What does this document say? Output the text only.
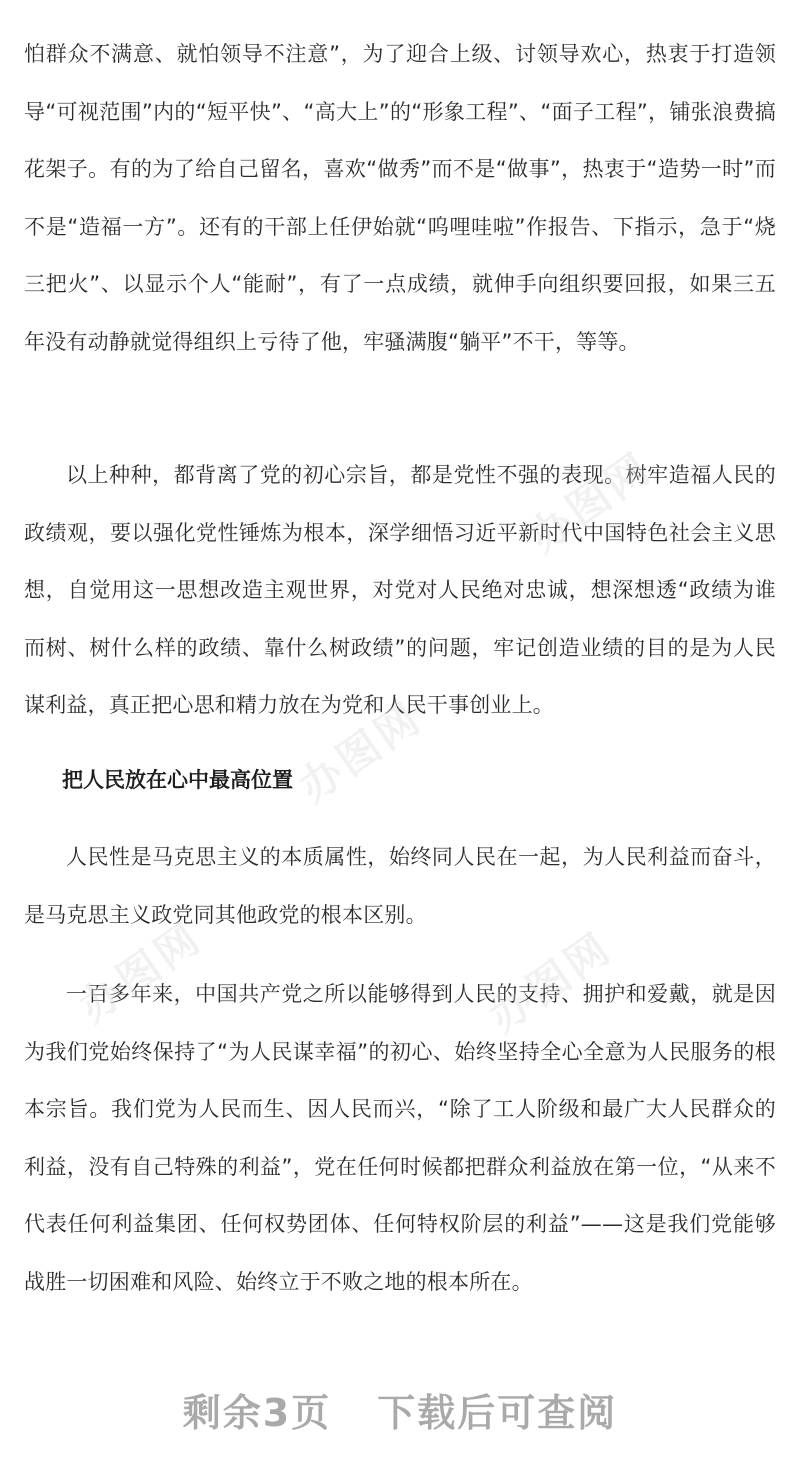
怕群众不满意、就怕领导不注意”，为了迎合上级、讨领导欢心，热衷于打造领导“可视范围”内的“短平快”、“高大上”的“形象工程”、“面子工程”，铺张浪费搞花架子。有的为了给自己留名，喜欢“做秀”而不是“做事”，热衷于“造势一时”而不是“造福一方”。还有的干部上任伊始就“呜哩哇啦”作报告、下指示，急于“烧三把火”、以显示个人“能耐”，有了一点成绩，就伸手向组织要回报，如果三五年没有动静就觉得组织上亏待了他，牢骚满腹“躺平”不干，等等。

以上种种，都背离了党的初心宗旨，都是党性不强的表现。树牢造福人民的政绩观，要以强化党性锤炼为根本，深学细悟习近平新时代中国特色社会主义思想，自觉用这一思想改造主观世界，对党对人民绝对忠诚，想深想透“政绩为谁而树、树什么样的政绩、靠什么树政绩”的问题，牢记创造业绩的目的是为人民谋利益，真正把心思和精力放在为党和人民干事创业上。

把人民放在心中最高位置

人民性是马克思主义的本质属性，始终同人民在一起，为人民利益而奋斗，是马克思主义政党同其他政党的根本区别。

一百多年来，中国共产党之所以能够得到人民的支持、拥护和爱戴，就是因为我们党始终保持了“为人民谋幸福”的初心、始终坚持全心全意为人民服务的根本宗旨。我们党为人民而生、因人民而兴，“除了工人阶级和最广大人民群众的利益，没有自己特殊的利益”，党在任何时候都把群众利益放在第一位，“从来不代表任何利益集团、任何权势团体、任何特权阶层的利益”——这是我们党能够战胜一切困难和风险、始终立于不败之地的根本所在。

办图网
办图网
办图网	办图网
剩余3页 下载后可查阅
